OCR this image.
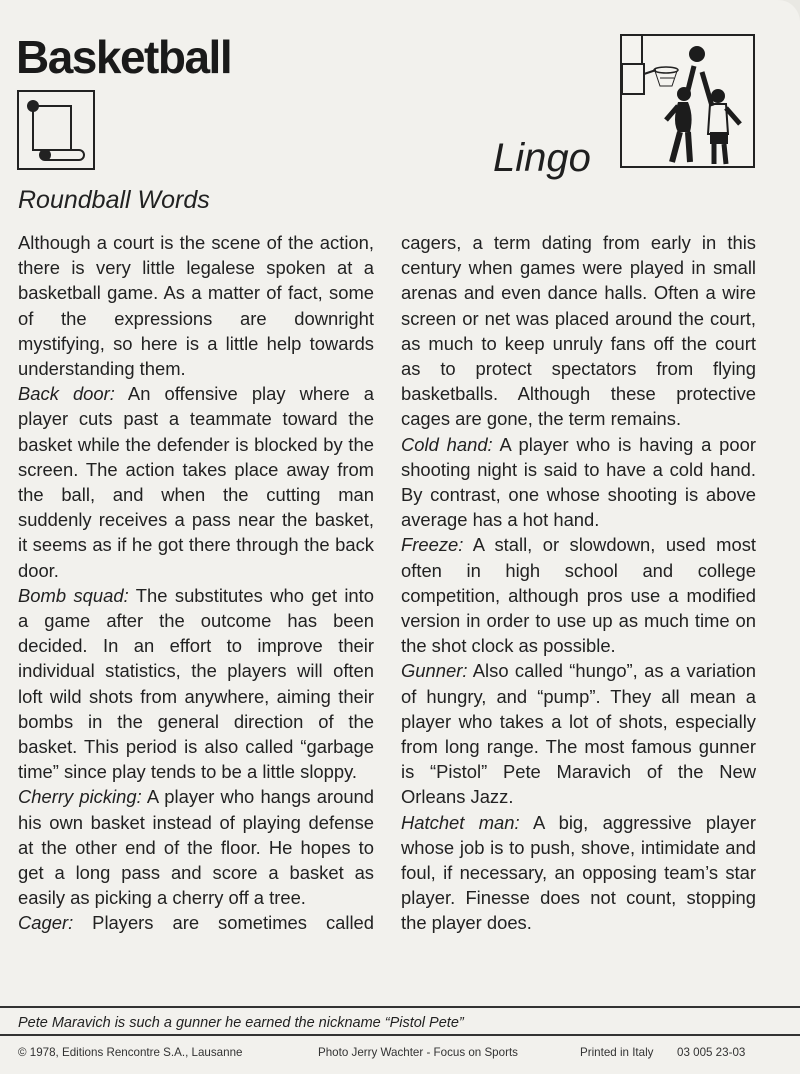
Basketball
Lingo
Roundball Words

Although a court is the scene of the action, there is very little legalese spoken at a basketball game. As a matter of fact, some of the expressions are downright mystifying, so here is a little help towards understanding them.

Back door: An offensive play where a player cuts past a teammate toward the basket while the defender is blocked by the screen. The action takes place away from the ball, and when the cutting man suddenly receives a pass near the basket, it seems as if he got there through the back door.

Bomb squad: The substitutes who get into a game after the outcome has been decided. In an effort to improve their individual statistics, the players will often loft wild shots from anywhere, aiming their bombs in the general direction of the basket. This period is also called “garbage time” since play tends to be a little sloppy.

Cherry picking: A player who hangs around his own basket instead of playing defense at the other end of the floor. He hopes to get a long pass and score a basket as easily as picking a cherry off a tree.

Cager: Players are sometimes called

cagers, a term dating from early in this century when games were played in small arenas and even dance halls. Often a wire screen or net was placed around the court, as much to keep unruly fans off the court as to protect spectators from flying basketballs. Although these protective cages are gone, the term remains.

Cold hand: A player who is having a poor shooting night is said to have a cold hand. By contrast, one whose shooting is above average has a hot hand.

Freeze: A stall, or slowdown, used most often in high school and college competition, although pros use a modified version in order to use up as much time on the shot clock as possible.

Gunner: Also called “hungo”, as a variation of hungry, and “pump”. They all mean a player who takes a lot of shots, especially from long range. The most famous gunner is “Pistol” Pete Maravich of the New Orleans Jazz.

Hatchet man: A big, aggressive player whose job is to push, shove, intimidate and foul, if necessary, an opposing team’s star player. Finesse does not count, stopping the player does.

Pete Maravich is such a gunner he earned the nickname “Pistol Pete”
© 1978, Editions Rencontre S.A., Lausanne	Photo Jerry Wachter - Focus on Sports	Printed in Italy 03 005 23-03
